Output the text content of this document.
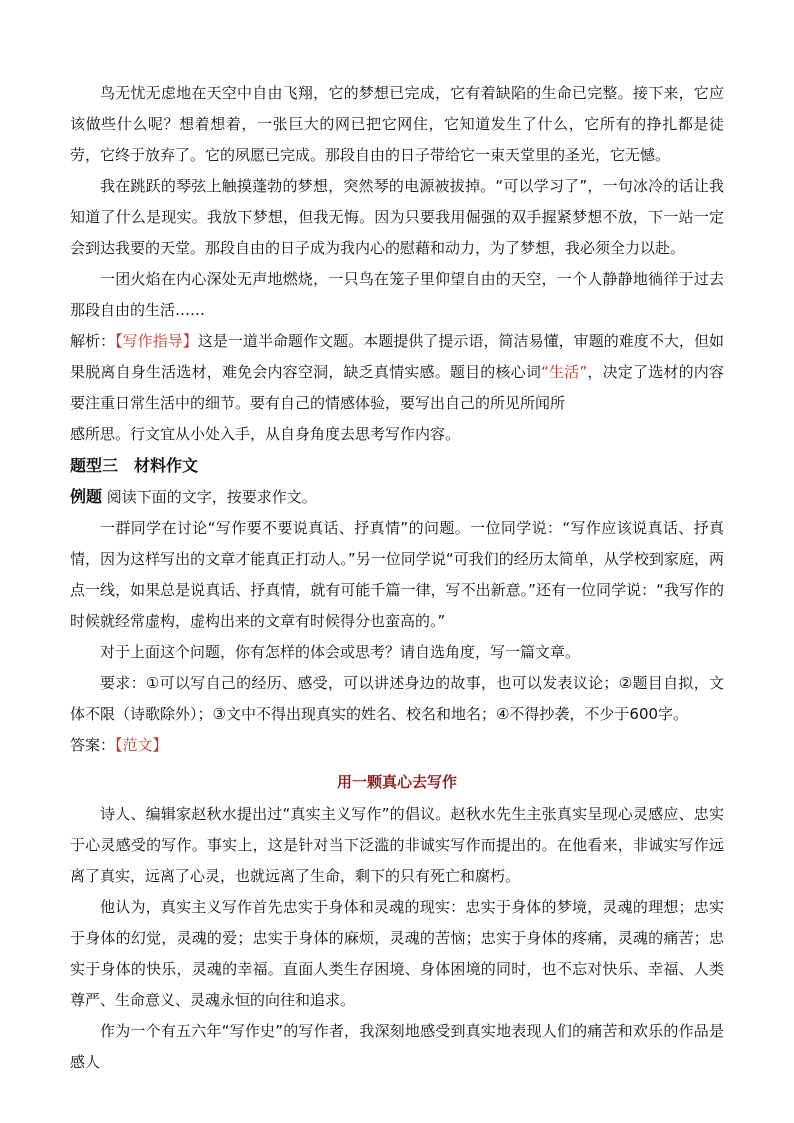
鸟无忧无虑地在天空中自由飞翔，它的梦想已完成，它有着缺陷的生命已完整。接下来，它应该做些什么呢？想着想着，一张巨大的网已把它网住，它知道发生了什么，它所有的挣扎都是徒劳，它终于放弃了。它的夙愿已完成。那段自由的日子带给它一束天堂里的圣光，它无憾。

我在跳跃的琴弦上触摸蓬勃的梦想，突然琴的电源被拔掉。“可以学习了”，一句冰冷的话让我知道了什么是现实。我放下梦想，但我无悔。因为只要我用倔强的双手握紧梦想不放，下一站一定会到达我要的天堂。那段自由的日子成为我内心的慰藉和动力，为了梦想，我必须全力以赴。

一团火焰在内心深处无声地燃烧，一只鸟在笼子里仰望自由的天空，一个人静静地徜徉于过去那段自由的生活……

解析：【写作指导】这是一道半命题作文题。本题提供了提示语，简洁易懂，审题的难度不大，但如果脱离自身生活选材，难免会内容空洞，缺乏真情实感。题目的核心词“生活”，决定了选材的内容要注重日常生活中的细节。要有自己的情感体验，要写出自己的所见所闻所

感所思。行文宜从小处入手，从自身角度去思考写作内容。

题型三 材料作文

例题 阅读下面的文字，按要求作文。

一群同学在讨论“写作要不要说真话、抒真情”的问题。一位同学说：“写作应该说真话、抒真情，因为这样写出的文章才能真正打动人。”另一位同学说“可我们的经历太简单，从学校到家庭，两点一线，如果总是说真话、抒真情，就有可能千篇一律，写不出新意。”还有一位同学说：“我写作的时候就经常虚构，虚构出来的文章有时候得分也蛮高的。”

对于上面这个问题，你有怎样的体会或思考？请自选角度，写一篇文章。

要求：①可以写自己的经历、感受，可以讲述身边的故事，也可以发表议论；②题目自拟，文体不限（诗歌除外）；③文中不得出现真实的姓名、校名和地名；④不得抄袭，不少于600字。

答案：【范文】

用一颗真心去写作

诗人、编辑家赵秋水提出过“真实主义写作”的倡议。赵秋水先生主张真实呈现心灵感应、忠实于心灵感受的写作。事实上，这是针对当下泛滥的非诚实写作而提出的。在他看来，非诚实写作远离了真实，远离了心灵，也就远离了生命，剩下的只有死亡和腐朽。

他认为，真实主义写作首先忠实于身体和灵魂的现实：忠实于身体的梦境，灵魂的理想；忠实于身体的幻觉，灵魂的爱；忠实于身体的麻烦，灵魂的苦恼；忠实于身体的疼痛，灵魂的痛苦；忠实于身体的快乐，灵魂的幸福。直面人类生存困境、身体困境的同时，也不忘对快乐、幸福、人类尊严、生命意义、灵魂永恒的向往和追求。

作为一个有五六年“写作史”的写作者，我深刻地感受到真实地表现人们的痛苦和欢乐的作品是感人
